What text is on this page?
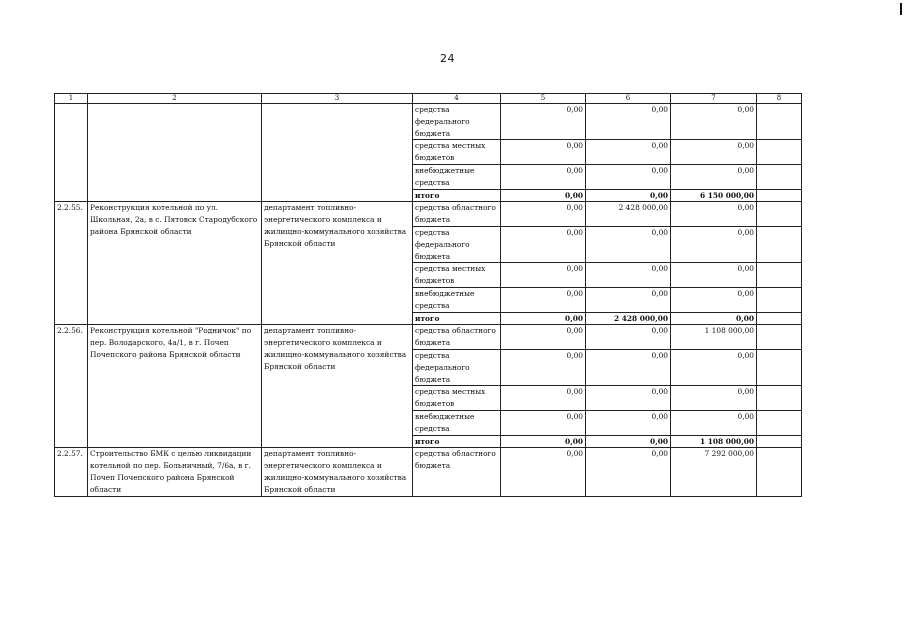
24
1	2	3	4	5	6	7	8
			средства федерального бюджета	0,00	0,00	0,00	
			средства местных бюджетов	0,00	0,00	0,00	
			внебюджетные средства	0,00	0,00	0,00	
			итого	0,00	0,00	6 150 000,00	
2.2.55.	Реконструкция котельной по ул. Школьная, 2а, в с. Пятовск Стародубского района Брянской области	департамент топливно-энергетического комплекса и жилищно-коммунального хозяйства Брянской области	средства областного бюджета	0,00	2 428 000,00	0,00	
			средства федерального бюджета	0,00	0,00	0,00	
			средства местных бюджетов	0,00	0,00	0,00	
			внебюджетные средства	0,00	0,00	0,00	
			итого	0,00	2 428 000,00	0,00	
2.2.56.	Реконструкция котельной "Родничок" по пер. Володарского, 4а/1, в г. Почеп Почепского района Брянской области	департамент топливно-энергетического комплекса и жилищно-коммунального хозяйства Брянской области	средства областного бюджета	0,00	0,00	1 108 000,00	
			средства федерального бюджета	0,00	0,00	0,00	
			средства местных бюджетов	0,00	0,00	0,00	
			внебюджетные средства	0,00	0,00	0,00	
			итого	0,00	0,00	1 108 000,00	
2.2.57.	Строительство БМК с целью ликвидации котельной по пер. Больничный, 7/6а, в г. Почеп Почепского района Брянской области	департамент топливно-энергетического комплекса и жилищно-коммунального хозяйства Брянской области	средства областного бюджета	0,00	0,00	7 292 000,00	
